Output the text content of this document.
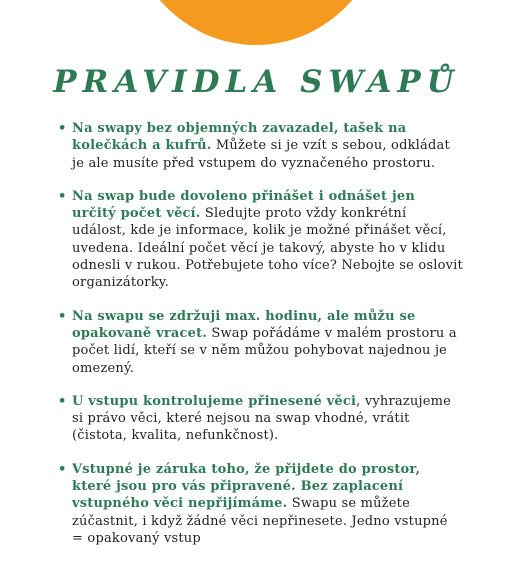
PRAVIDLA SWAPŮ
• Na swapy bez objemných zavazadel, tašek na kolečkách a kufrů. Můžete si je vzít s sebou, odkládat je ale musíte před vstupem do vyznačeného prostoru.
• Na swap bude dovoleno přinášet i odnášet jen určitý počet věcí. Sledujte proto vždy konkrétní událost, kde je informace, kolik je možné přinášet věcí, uvedena. Ideální počet věcí je takový, abyste ho v klidu odnesli v rukou. Potřebujete toho více? Nebojte se oslovit organizátorky.
• Na swapu se zdržuji max. hodinu, ale můžu se opakovaně vracet. Swap pořádáme v malém prostoru a počet lidí, kteří se v něm můžou pohybovat najednou je omezený.
• U vstupu kontrolujeme přinesené věci, vyhrazujeme si právo věci, které nejsou na swap vhodné, vrátit (čistota, kvalita, nefunkčnost).
• Vstupné je záruka toho, že přijdete do prostor, které jsou pro vás připravené. Bez zaplacení vstupného věci nepřijímáme. Swapu se můžete zúčastnit, i když žádné věci nepřinesete. Jedno vstupné = opakovaný vstup
